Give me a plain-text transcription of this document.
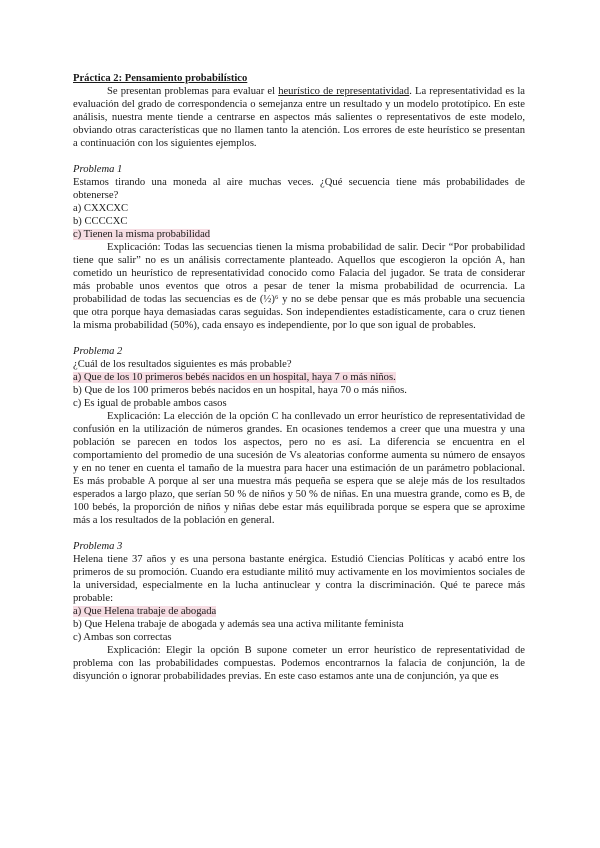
Práctica 2: Pensamiento probabilístico

Se presentan problemas para evaluar el heurístico de representatividad. La representatividad es la evaluación del grado de correspondencia o semejanza entre un resultado y un modelo prototípico. En este análisis, nuestra mente tiende a centrarse en aspectos más salientes o representativos de este modelo, obviando otras características que no llamen tanto la atención. Los errores de este heurístico se presentan a continuación con los siguientes ejemplos.

Problema 1

Estamos tirando una moneda al aire muchas veces. ¿Qué secuencia tiene más probabilidades de obtenerse?

a) CXXCXC

b) CCCCXC

c) Tienen la misma probabilidad

Explicación: Todas las secuencias tienen la misma probabilidad de salir. Decir “Por probabilidad tiene que salir” no es un análisis correctamente planteado. Aquellos que escogieron la opción A, han cometido un heurístico de representatividad conocido como Falacia del jugador. Se trata de considerar más probable unos eventos que otros a pesar de tener la misma probabilidad de ocurrencia. La probabilidad de todas las secuencias es de (½)⁶ y no se debe pensar que es más probable una secuencia que otra porque haya demasiadas caras seguidas. Son independientes estadísticamente, cara o cruz tienen la misma probabilidad (50%), cada ensayo es independiente, por lo que son igual de probables.

Problema 2

¿Cuál de los resultados siguientes es más probable?

a) Que de los 10 primeros bebés nacidos en un hospital, haya 7 o más niños.

b) Que de los 100 primeros bebés nacidos en un hospital, haya 70 o más niños.

c) Es igual de probable ambos casos

Explicación: La elección de la opción C ha conllevado un error heurístico de representatividad de confusión en la utilización de números grandes. En ocasiones tendemos a creer que una muestra y una población se parecen en todos los aspectos, pero no es así. La diferencia se encuentra en el comportamiento del promedio de una sucesión de Vs aleatorias conforme aumenta su número de ensayos y en no tener en cuenta el tamaño de la muestra para hacer una estimación de un parámetro poblacional. Es más probable A porque al ser una muestra más pequeña se espera que se aleje más de los resultados esperados a largo plazo, que serían 50 % de niños y 50 % de niñas. En una muestra grande, como es B, de 100 bebés, la proporción de niños y niñas debe estar más equilibrada porque se espera que se aproxime más a los resultados de la población en general.

Problema 3

Helena tiene 37 años y es una persona bastante enérgica. Estudió Ciencias Políticas y acabó entre los primeros de su promoción. Cuando era estudiante militó muy activamente en los movimientos sociales de la universidad, especialmente en la lucha antinuclear y contra la discriminación. Qué te parece más probable:

a) Que Helena trabaje de abogada

b) Que Helena trabaje de abogada y además sea una activa militante feminista

c) Ambas son correctas

Explicación: Elegir la opción B supone cometer un error heurístico de representatividad de problema con las probabilidades compuestas. Podemos encontrarnos la falacia de conjunción, la de disyunción o ignorar probabilidades previas. En este caso estamos ante una de conjunción, ya que es
